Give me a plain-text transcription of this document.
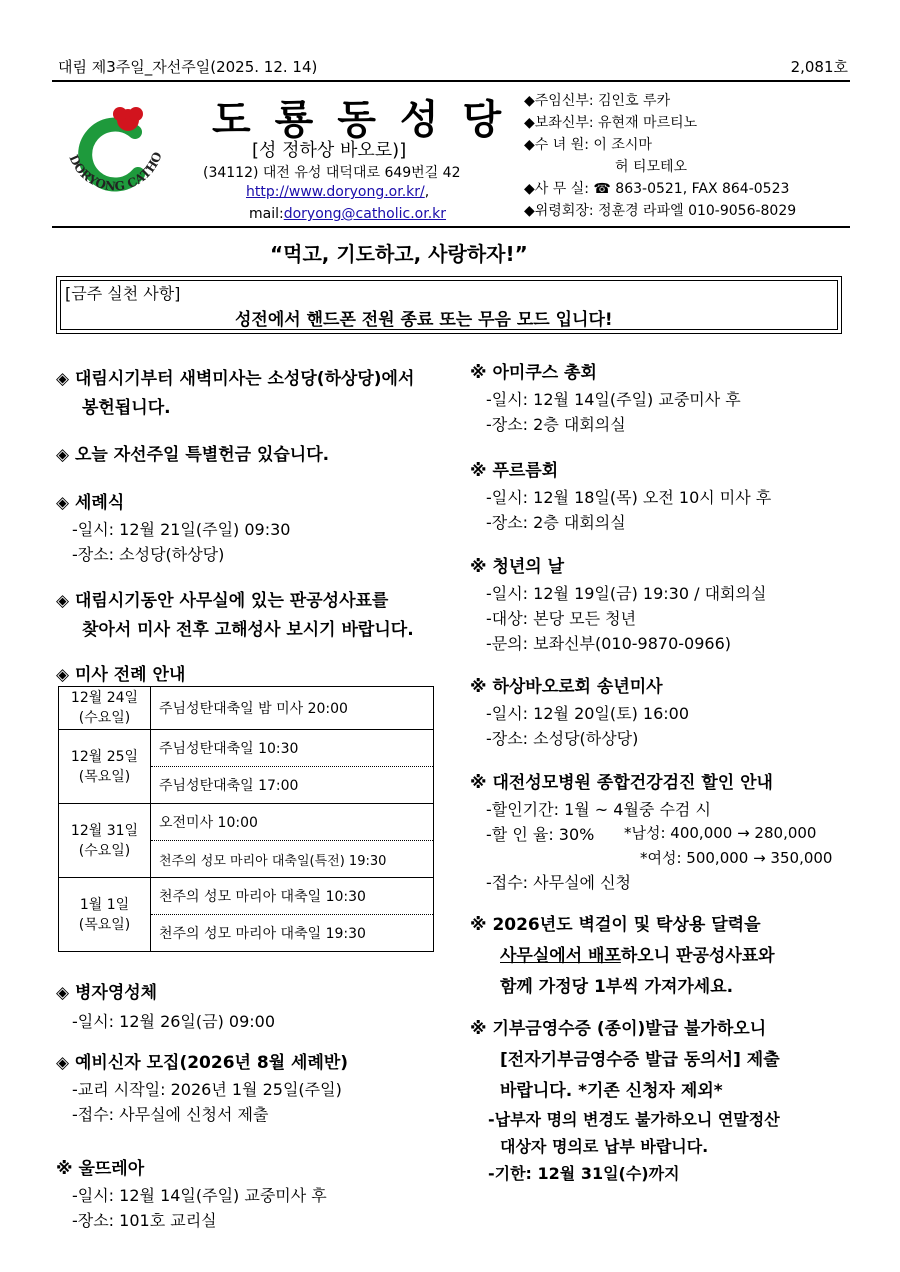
대림 제3주일_자선주일(2025. 12. 14)	2,081호
DORYONG CATHO
도룡동성당
[성 정하상 바오로)]
(34112) 대전 유성 대덕대로 649번길 42
http://www.doryong.or.kr/,
mail:doryong@catholic.or.kr
◆주임신부: 김인호 루카
◆보좌신부: 유현재 마르티노
◆수 녀 원: 이 조시마
허 티모테오
◆사 무 실: ☎ 863-0521, FAX 864-0523
◆위령회장: 정훈경 라파엘 010-9056-8029
“먹고, 기도하고, 사랑하자!”
[금주 실천 사항]
성전에서 핸드폰 전원 종료 또는 무음 모드 입니다!
◈ 대림시기부터 새벽미사는 소성당(하상당)에서
봉헌됩니다.
◈ 오늘 자선주일 특별헌금 있습니다.
◈ 세례식
-일시: 12월 21일(주일) 09:30
-장소: 소성당(하상당)
◈ 대림시기동안 사무실에 있는 판공성사표를
찾아서 미사 전후 고해성사 보시기 바랍니다.
◈ 미사 전례 안내
12월 24일
(수요일)	주님성탄대축일 밤 미사 20:00

12월 25일
(목요일)	주님성탄대축일 10:30
	주님성탄대축일 17:00

12월 31일
(수요일)	오전미사 10:00
	천주의 성모 마리아 대축일(특전) 19:30

1월 1일
(목요일)	천주의 성모 마리아 대축일 10:30
	천주의 성모 마리아 대축일 19:30
◈ 병자영성체
-일시: 12월 26일(금) 09:00
◈ 예비신자 모집(2026년 8월 세례반)
-교리 시작일: 2026년 1월 25일(주일)
-접수: 사무실에 신청서 제출
※ 울뜨레아
-일시: 12월 14일(주일) 교중미사 후
-장소: 101호 교리실
※ 아미쿠스 총회
-일시: 12월 14일(주일) 교중미사 후
-장소: 2층 대회의실
※ 푸르름회
-일시: 12월 18일(목) 오전 10시 미사 후
-장소: 2층 대회의실
※ 청년의 날
-일시: 12월 19일(금) 19:30 / 대회의실
-대상: 본당 모든 청년
-문의: 보좌신부(010-9870-0966)
※ 하상바오로회 송년미사
-일시: 12월 20일(토) 16:00
-장소: 소성당(하상당)
※ 대전성모병원 종합건강검진 할인 안내
-할인기간: 1월 ~ 4월중 수검 시
-할 인 율: 30% *남성: 400,000 → 280,000
*여성: 500,000 → 350,000
-접수: 사무실에 신청
※ 2026년도 벽걸이 및 탁상용 달력을
사무실에서 배포하오니 판공성사표와
함께 가정당 1부씩 가져가세요.
※ 기부금영수증 (종이)발급 불가하오니
[전자기부금영수증 발급 동의서] 제출
바랍니다. *기존 신청자 제외*
-납부자 명의 변경도 불가하오니 연말정산
대상자 명의로 납부 바랍니다.
-기한: 12월 31일(수)까지
